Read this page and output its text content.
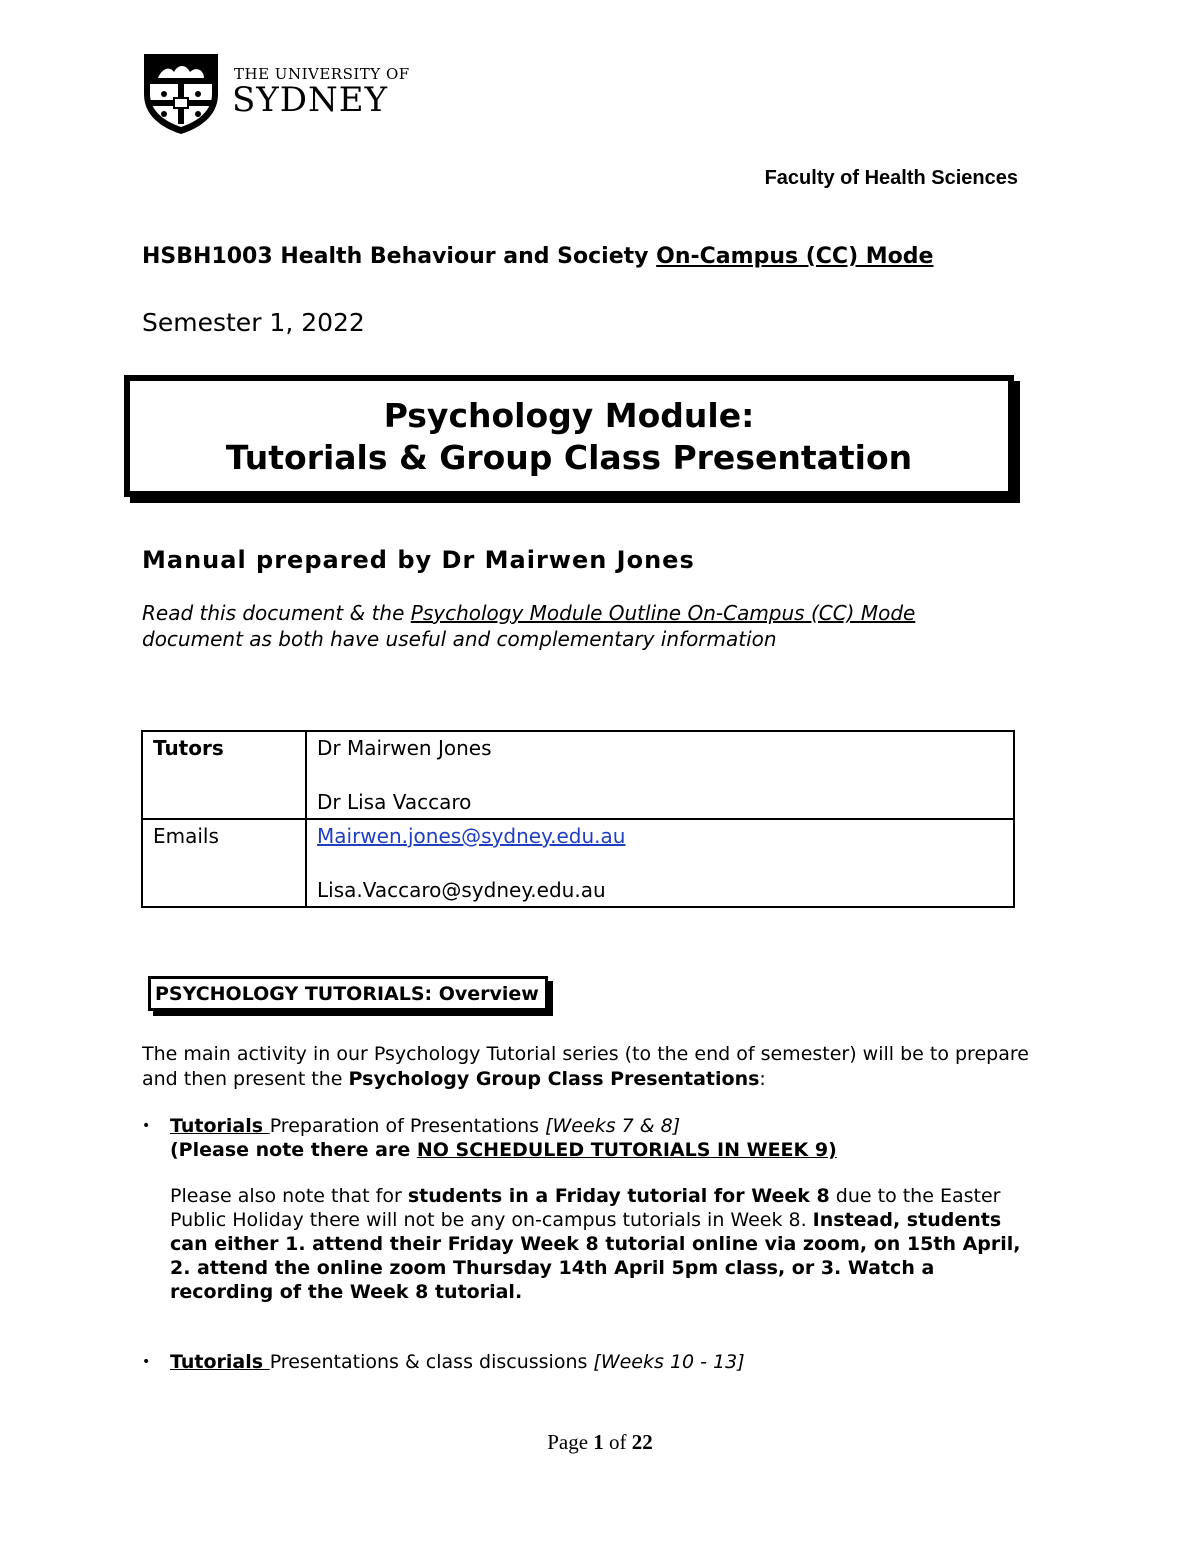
THE UNIVERSITY OF
SYDNEY
Faculty of Health Sciences
HSBH1003 Health Behaviour and Society On-Campus (CC) Mode
Semester 1, 2022
Psychology Module:
Tutorials & Group Class Presentation
Manual prepared by Dr Mairwen Jones
Read this document & the Psychology Module Outline On-Campus (CC) Mode document as both have useful and complementary information
Tutors	Dr Mairwen Jones
Dr Lisa Vaccaro

Emails	Mairwen.jones@sydney.edu.au
Lisa.Vaccaro@sydney.edu.au
PSYCHOLOGY TUTORIALS: Overview
The main activity in our Psychology Tutorial series (to the end of semester) will be to prepare and then present the Psychology Group Class Presentations:
•	Tutorials Preparation of Presentations [Weeks 7 & 8]
(Please note there are NO SCHEDULED TUTORIALS IN WEEK 9)
Please also note that for students in a Friday tutorial for Week 8 due to the Easter Public Holiday there will not be any on-campus tutorials in Week 8. Instead, students can either 1. attend their Friday Week 8 tutorial online via zoom, on 15th April, 2. attend the online zoom Thursday 14th April 5pm class, or 3. Watch a recording of the Week 8 tutorial.
•	Tutorials Presentations & class discussions [Weeks 10 - 13]
Page 1 of 22
